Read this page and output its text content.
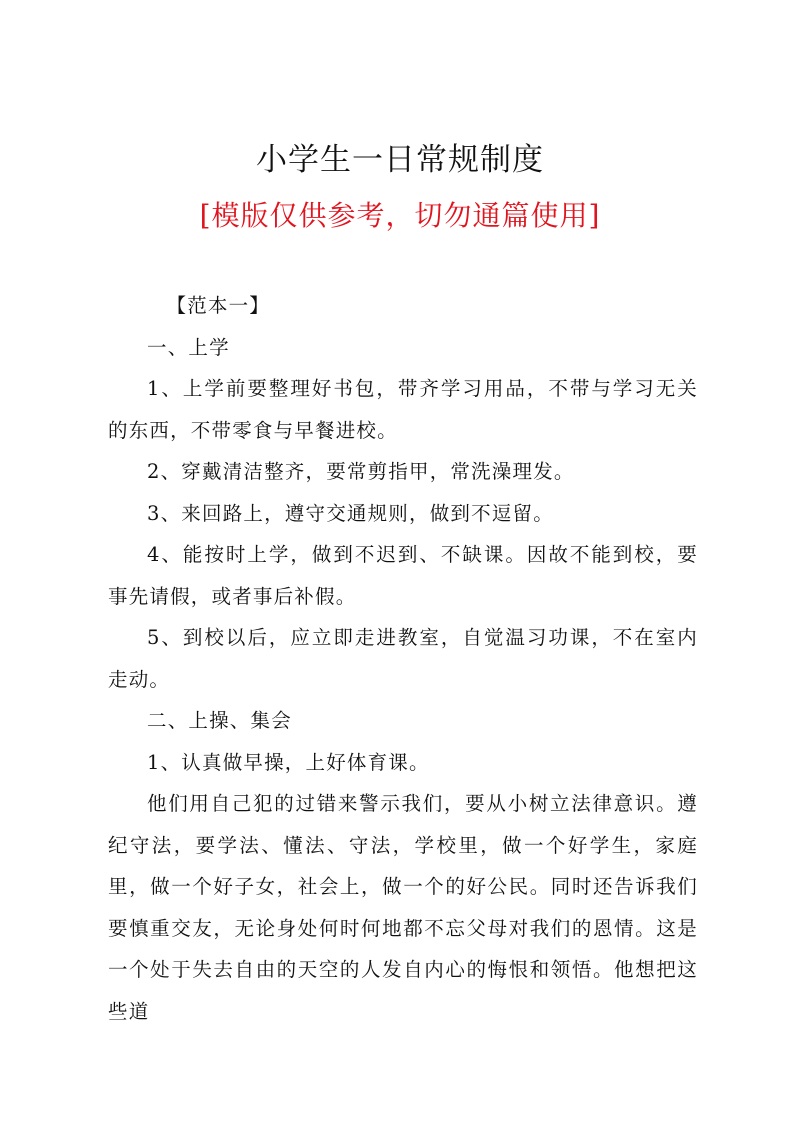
小学生一日常规制度
[模版仅供参考，切勿通篇使用]

【范本一】

一、上学

1、上学前要整理好书包，带齐学习用品，不带与学习无关的东西，不带零食与早餐进校。

2、穿戴清洁整齐，要常剪指甲，常洗澡理发。

3、来回路上，遵守交通规则，做到不逗留。

4、能按时上学，做到不迟到、不缺课。因故不能到校，要事先请假，或者事后补假。

5、到校以后，应立即走进教室，自觉温习功课，不在室内走动。

二、上操、集会

1、认真做早操，上好体育课。

他们用自己犯的过错来警示我们，要从小树立法律意识。遵纪守法，要学法、懂法、守法，学校里，做一个好学生，家庭里，做一个好子女，社会上，做一个的好公民。同时还告诉我们要慎重交友，无论身处何时何地都不忘父母对我们的恩情。这是一个处于失去自由的天空的人发自内心的悔恨和领悟。他想把这些道
